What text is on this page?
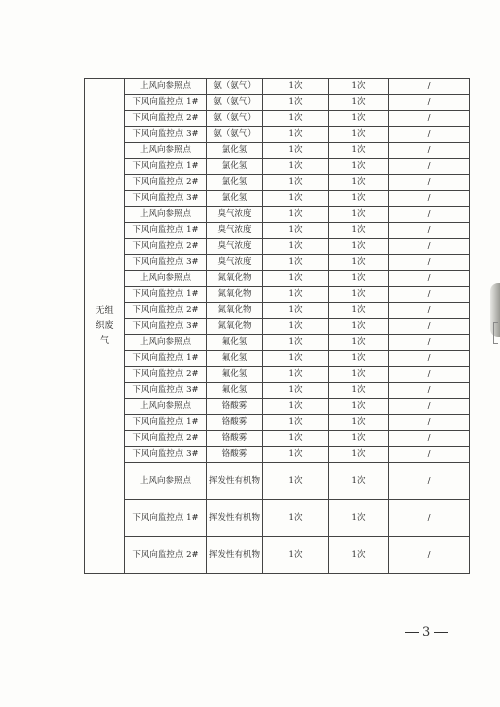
无组织废气	上风向参照点	氨（氨气）	1次	1次	/
	下风向监控点 1#	氨（氨气）	1次	1次	/
	下风向监控点 2#	氨（氨气）	1次	1次	/
	下风向监控点 3#	氨（氨气）	1次	1次	/
	上风向参照点	氯化氢	1次	1次	/
	下风向监控点 1#	氯化氢	1次	1次	/
	下风向监控点 2#	氯化氢	1次	1次	/
	下风向监控点 3#	氯化氢	1次	1次	/
	上风向参照点	臭气浓度	1次	1次	/
	下风向监控点 1#	臭气浓度	1次	1次	/
	下风向监控点 2#	臭气浓度	1次	1次	/
	下风向监控点 3#	臭气浓度	1次	1次	/
	上风向参照点	氮氧化物	1次	1次	/
	下风向监控点 1#	氮氧化物	1次	1次	/
	下风向监控点 2#	氮氧化物	1次	1次	/
	下风向监控点 3#	氮氧化物	1次	1次	/
	上风向参照点	氟化氢	1次	1次	/
	下风向监控点 1#	氟化氢	1次	1次	/
	下风向监控点 2#	氟化氢	1次	1次	/
	下风向监控点 3#	氟化氢	1次	1次	/
	上风向参照点	铬酸雾	1次	1次	/
	下风向监控点 1#	铬酸雾	1次	1次	/
	下风向监控点 2#	铬酸雾	1次	1次	/
	下风向监控点 3#	铬酸雾	1次	1次	/
	上风向参照点	挥发性有机物	1次	1次	/
	下风向监控点 1#	挥发性有机物	1次	1次	/
	下风向监控点 2#	挥发性有机物	1次	1次	/
3
